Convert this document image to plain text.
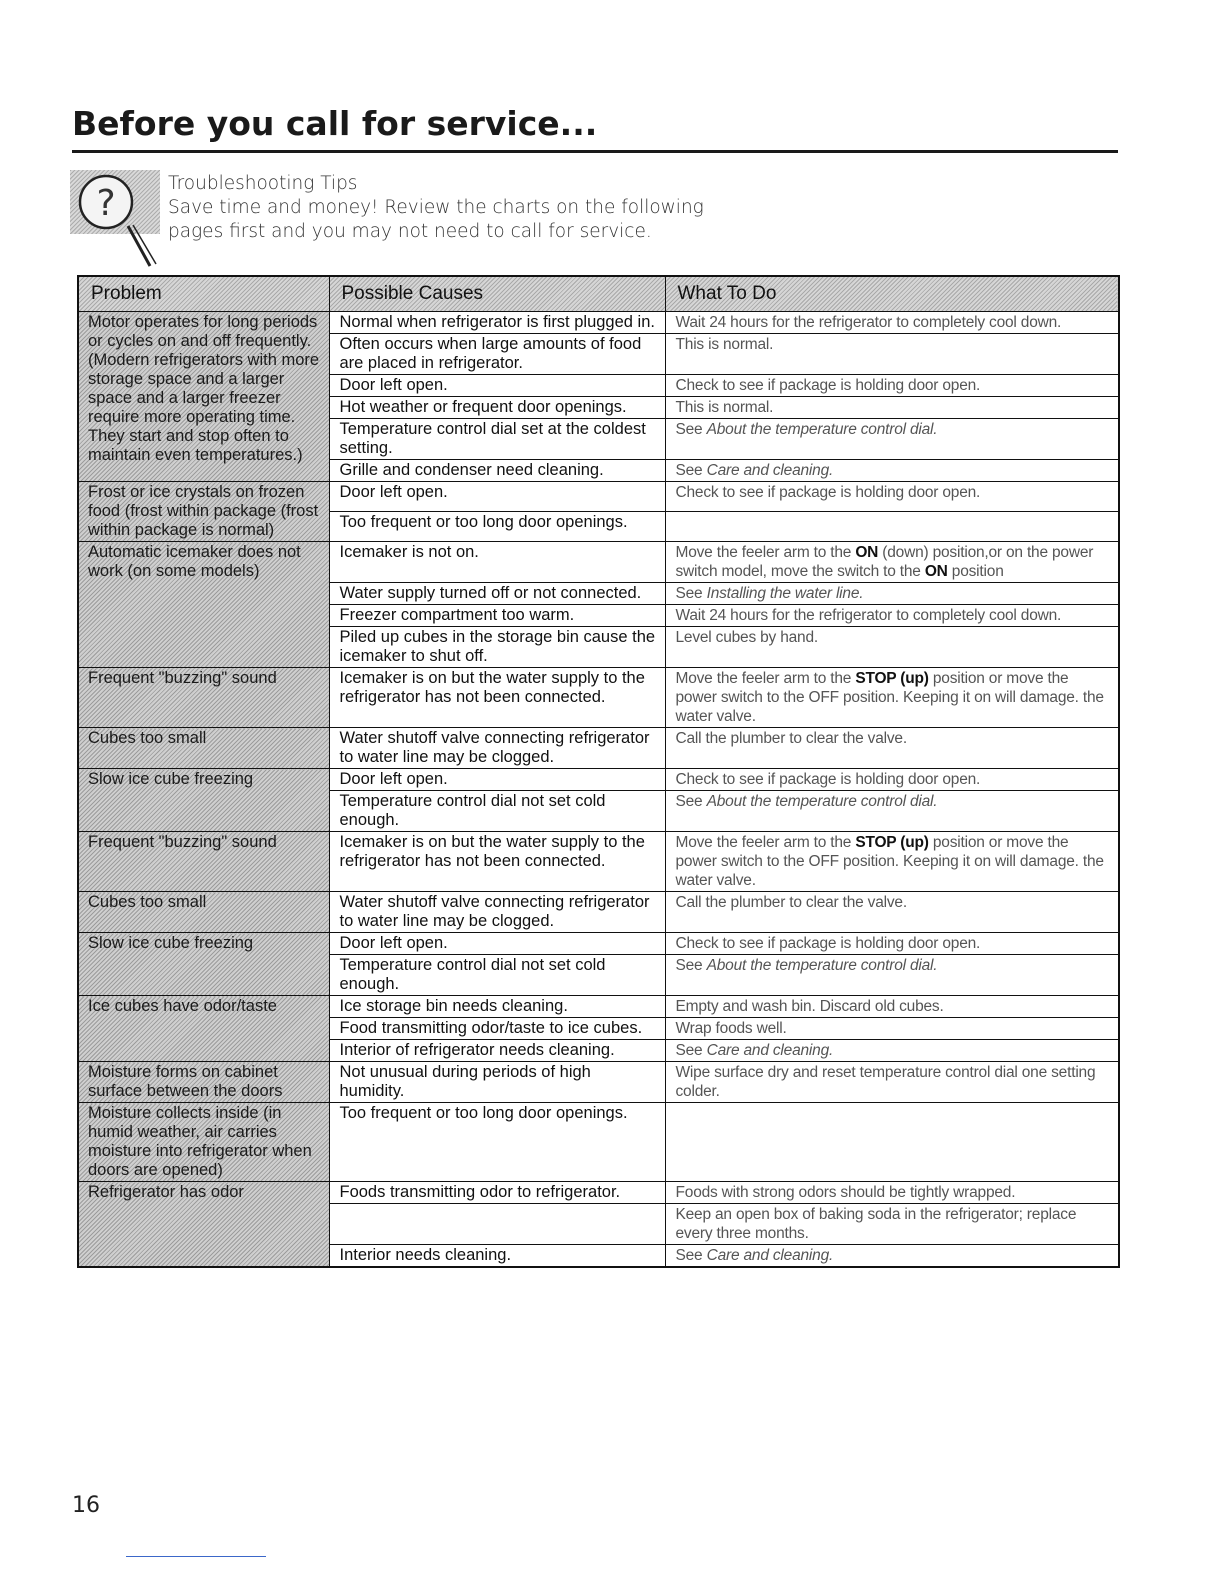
Before you call for service...
?	Troubleshooting Tips
Save time and money! Review the charts on the following
pages first and you may not need to call for service.
Problem	Possible Causes	What To Do
Motor operates for long periods or cycles on and off frequently. (Modern refrigerators with more storage space and a larger space and a larger freezer require more operating time. They start and stop often to maintain even temperatures.)	Normal when refrigerator is first plugged in.	Wait 24 hours for the refrigerator to completely cool down.
	Often occurs when large amounts of food are placed in refrigerator.	This is normal.
	Door left open.	Check to see if package is holding door open.
	Hot weather or frequent door openings.	This is normal.
	Temperature control dial set at the coldest setting.	See About the temperature control dial.
	Grille and condenser need cleaning.	See Care and cleaning.
Frost or ice crystals on frozen food (frost within package (frost within package is normal)	Door left open.	Check to see if package is holding door open.
	Too frequent or too long door openings.	
Automatic icemaker does not work (on some models)	Icemaker is not on.	Move the feeler arm to the ON (down) position,or on the power switch model, move the switch to the ON position
	Water supply turned off or not connected.	See Installing the water line.
	Freezer compartment too warm.	Wait 24 hours for the refrigerator to completely cool down.
	Piled up cubes in the storage bin cause the icemaker to shut off.	Level cubes by hand.
Frequent "buzzing" sound	Icemaker is on but the water supply to the refrigerator has not been connected.	Move the feeler arm to the STOP (up) position or move the power switch to the OFF position. Keeping it on will damage. the water valve.
Cubes too small	Water shutoff valve connecting refrigerator to water line may be clogged.	Call the plumber to clear the valve.
Slow ice cube freezing	Door left open.	Check to see if package is holding door open.
	Temperature control dial not set cold enough.	See About the temperature control dial.
Frequent "buzzing" sound	Icemaker is on but the water supply to the refrigerator has not been connected.	Move the feeler arm to the STOP (up) position or move the power switch to the OFF position. Keeping it on will damage. the water valve.
Cubes too small	Water shutoff valve connecting refrigerator to water line may be clogged.	Call the plumber to clear the valve.
Slow ice cube freezing	Door left open.	Check to see if package is holding door open.
	Temperature control dial not set cold enough.	See About the temperature control dial.
Ice cubes have odor/taste	Ice storage bin needs cleaning.	Empty and wash bin. Discard old cubes.
	Food transmitting odor/taste to ice cubes.	Wrap foods well.
	Interior of refrigerator needs cleaning.	See Care and cleaning.
Moisture forms on cabinet surface between the doors	Not unusual during periods of high humidity.	Wipe surface dry and reset temperature control dial one setting colder.
Moisture collects inside (in humid weather, air carries moisture into refrigerator when doors are opened)	Too frequent or too long door openings.	
Refrigerator has odor	Foods transmitting odor to refrigerator.	Foods with strong odors should be tightly wrapped.
		Keep an open box of baking soda in the refrigerator; replace every three months.
	Interior needs cleaning.	See Care and cleaning.
16
